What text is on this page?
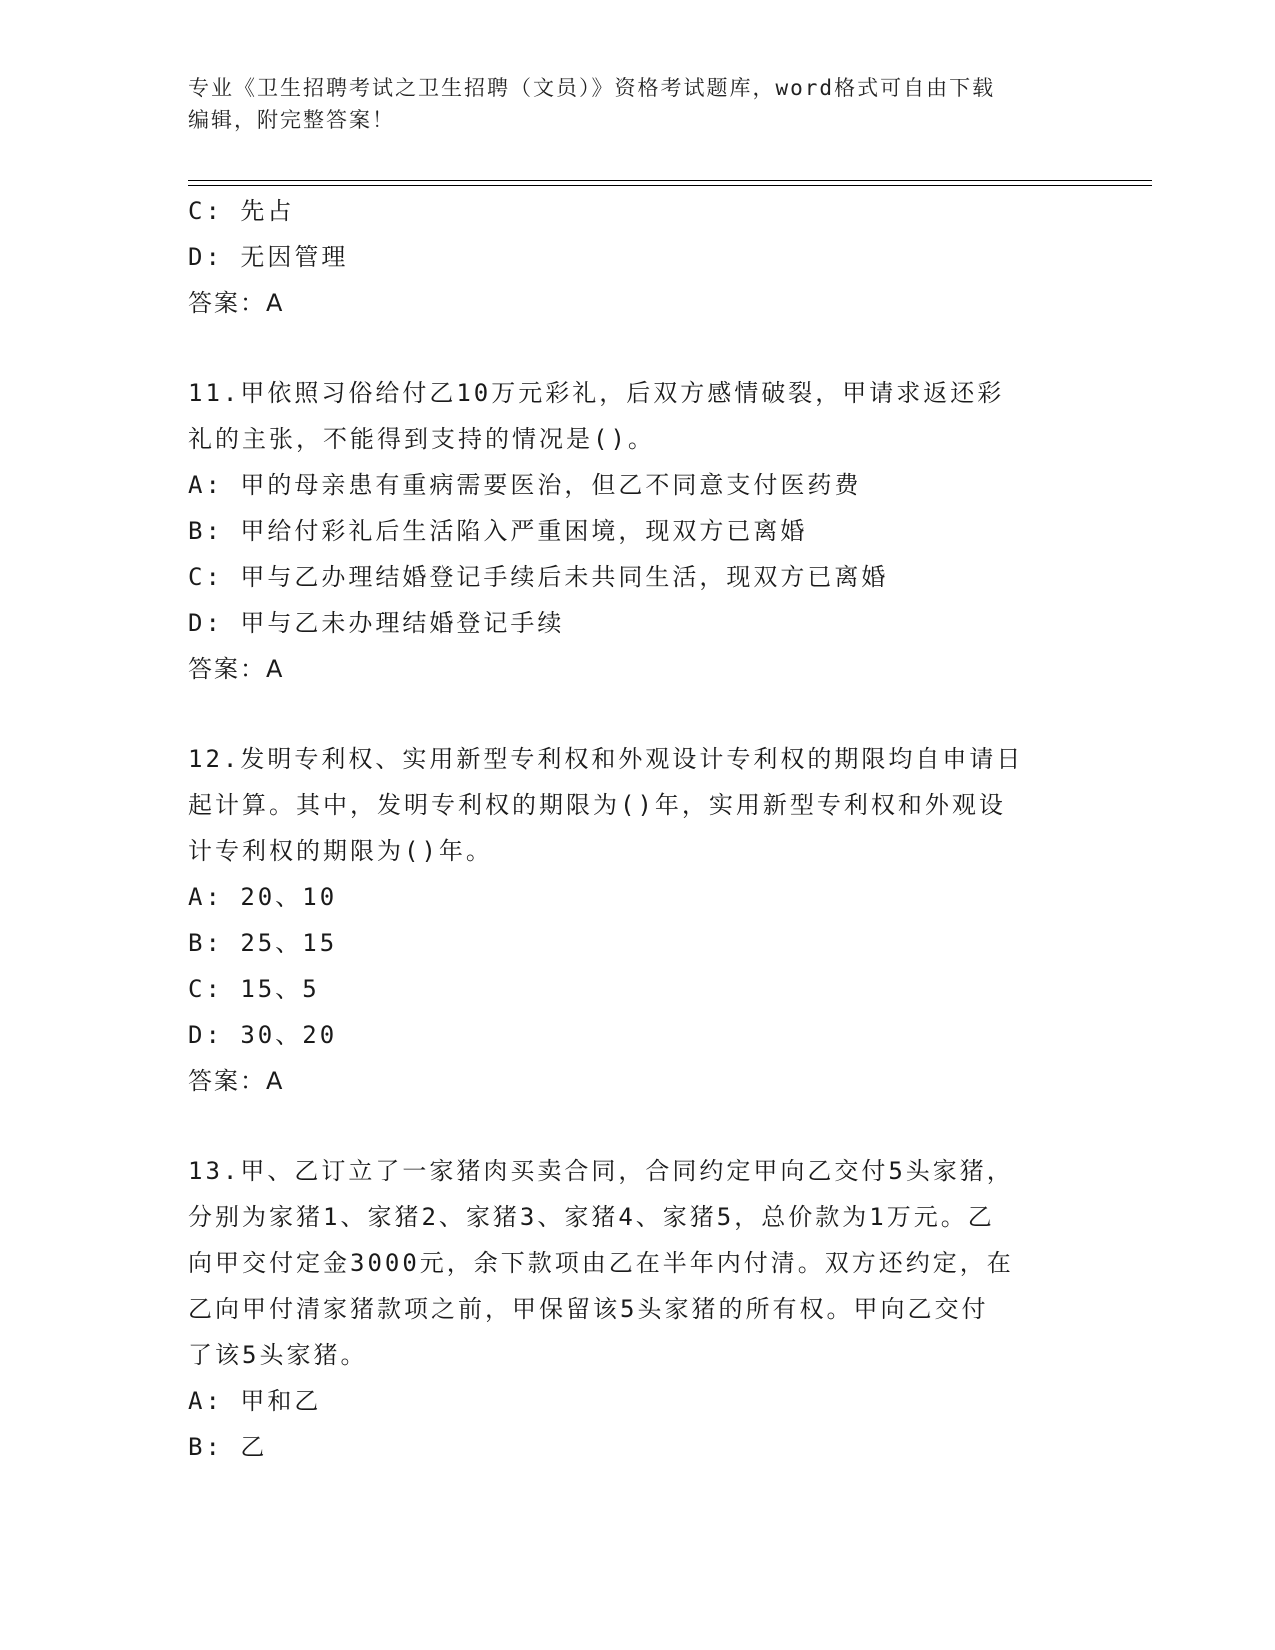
专业《卫生招聘考试之卫生招聘（文员）》资格考试题库，word格式可自由下载
编辑，附完整答案！
C: 先占
D: 无因管理
答案：A
11.甲依照习俗给付乙10万元彩礼，后双方感情破裂，甲请求返还彩
礼的主张，不能得到支持的情况是()。
A: 甲的母亲患有重病需要医治，但乙不同意支付医药费
B: 甲给付彩礼后生活陷入严重困境，现双方已离婚
C: 甲与乙办理结婚登记手续后未共同生活，现双方已离婚
D: 甲与乙未办理结婚登记手续
答案：A
12.发明专利权、实用新型专利权和外观设计专利权的期限均自申请日
起计算。其中，发明专利权的期限为()年，实用新型专利权和外观设
计专利权的期限为()年。
A: 20、10
B: 25、15
C: 15、5
D: 30、20
答案：A
13.甲、乙订立了一家猪肉买卖合同，合同约定甲向乙交付5头家猪，
分别为家猪1、家猪2、家猪3、家猪4、家猪5，总价款为1万元。乙
向甲交付定金3000元，余下款项由乙在半年内付清。双方还约定，在
乙向甲付清家猪款项之前，甲保留该5头家猪的所有权。甲向乙交付
了该5头家猪。
A: 甲和乙
B: 乙
